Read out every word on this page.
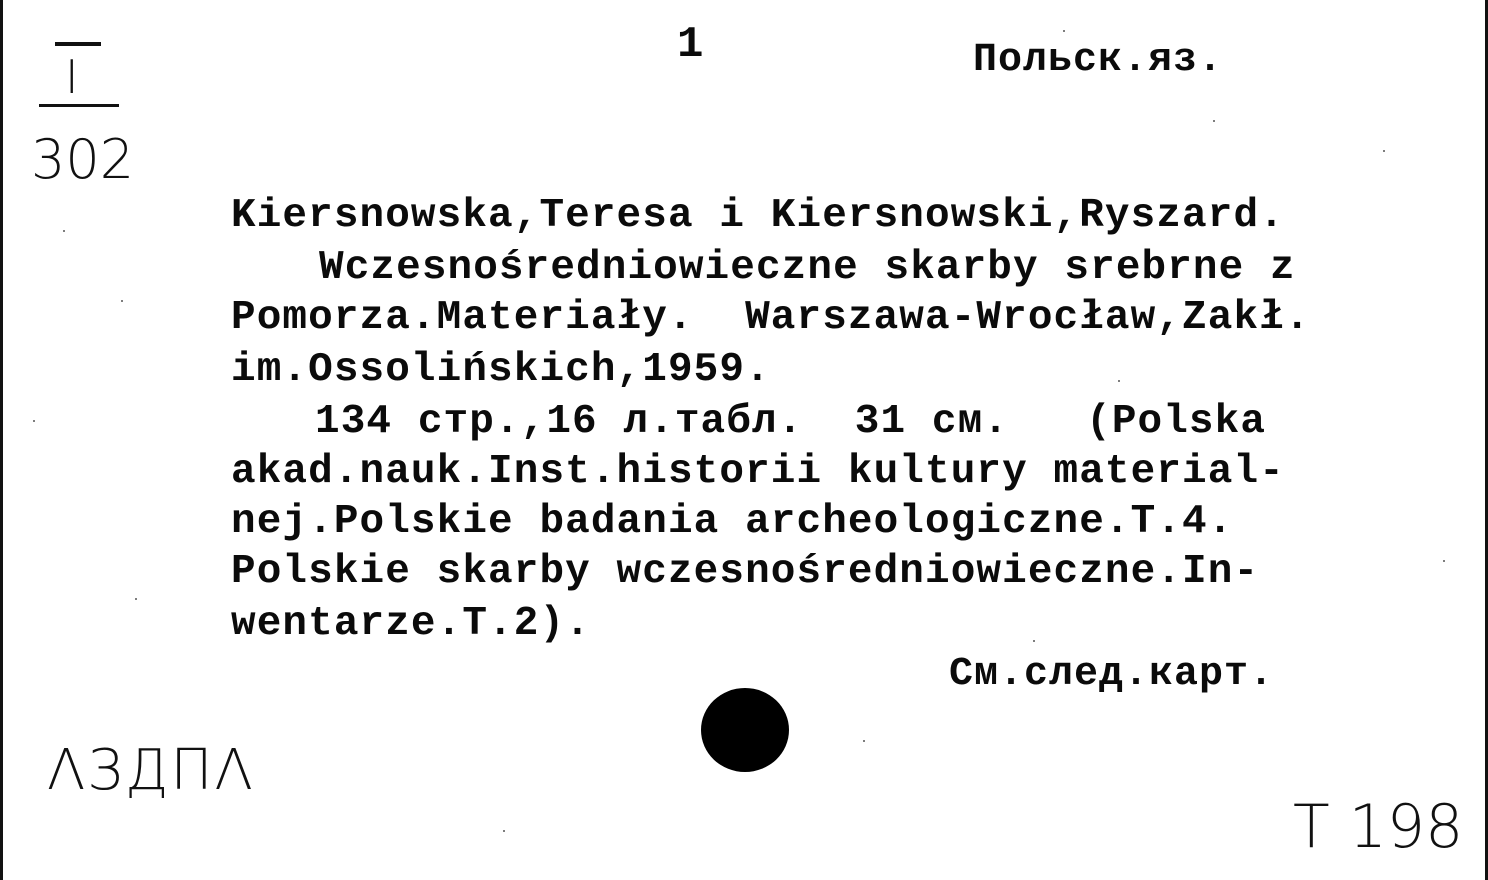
I
302
1	Польск.яз.
Kiersnowska,Teresa i Kiersnowski,Ryszard.
Wczesnośredniowieczne skarby srebrne z
Pomorza.Materiały.  Warszawa-Wrocław,Zakł.
im.Ossolińskich,1959.
134 стр.,16 л.табл.  31 см.   (Polska
akad.nauk.Inst.historii kultury material-
nej.Polskie badania archeologiczne.T.4.
Polskie skarby wczesnośredniowieczne.In-
wentarze.T.2).
См.след.карт.
ΛЗДПΛ
T 198
